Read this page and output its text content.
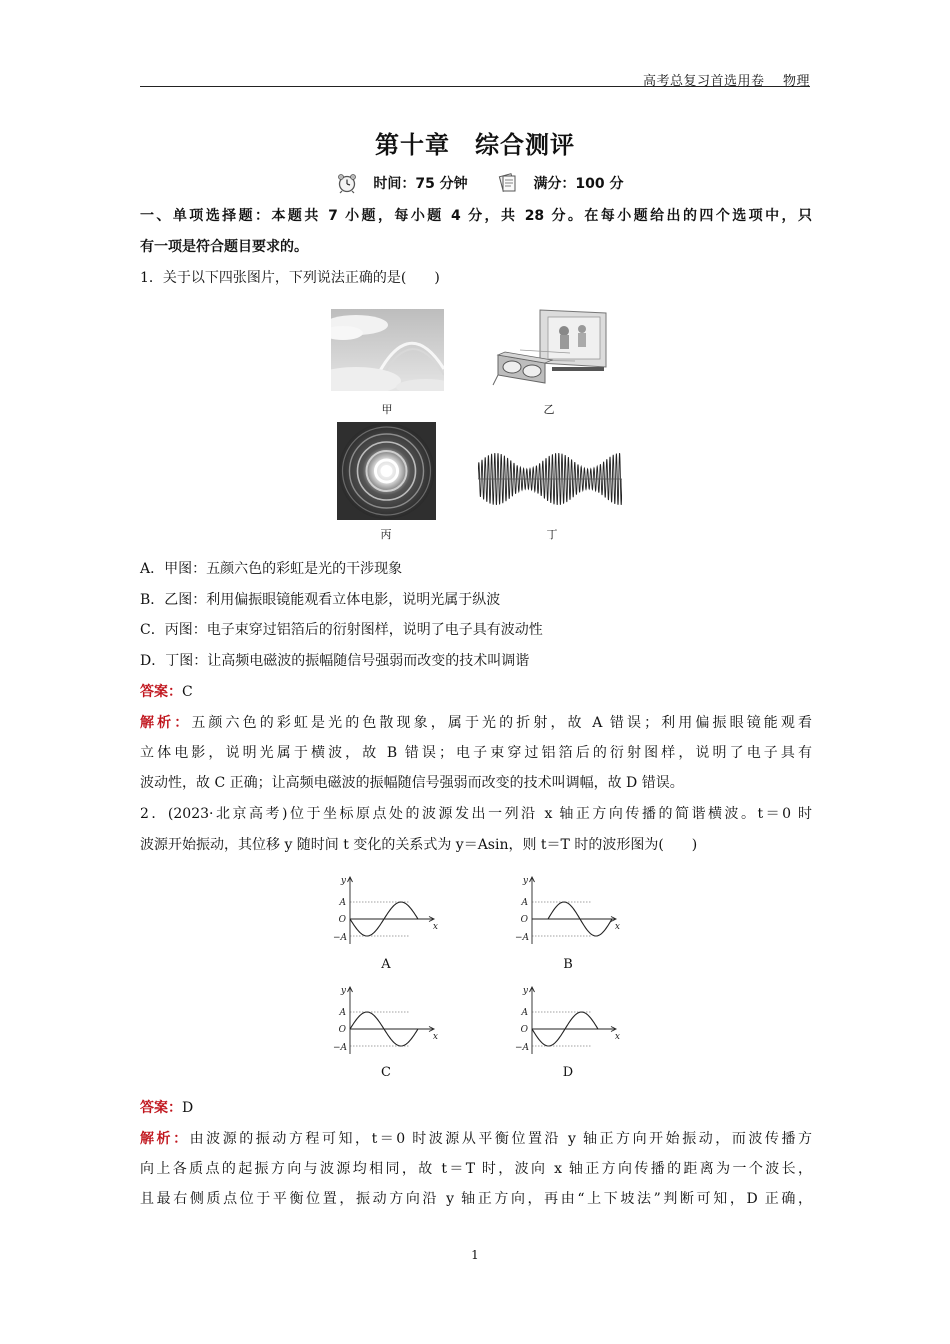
高考总复习首选用卷 物理
第十章　综合测评
时间：75 分钟	满分：100 分
一、单项选择题：本题共 7 小题，每小题 4 分，共 28 分。在每小题给出的四个选项中，只
有一项是符合题目要求的。
1．关于以下四张图片，下列说法正确的是(　　)
甲	乙
丙	丁
A．甲图：五颜六色的彩虹是光的干涉现象
B．乙图：利用偏振眼镜能观看立体电影，说明光属于纵波
C．丙图：电子束穿过铝箔后的衍射图样，说明了电子具有波动性
D．丁图：让高频电磁波的振幅随信号强弱而改变的技术叫调谐
答案：C
解析：五颜六色的彩虹是光的色散现象，属于光的折射，故 A 错误；利用偏振眼镜能观看
立体电影，说明光属于横波，故 B 错误；电子束穿过铝箔后的衍射图样，说明了电子具有
波动性，故 C 正确；让高频电磁波的振幅随信号强弱而改变的技术叫调幅，故 D 错误。
2．(2023·北京高考)位于坐标原点处的波源发出一列沿 x 轴正方向传播的简谐横波。t＝0 时
波源开始振动，其位移 y 随时间 t 变化的关系式为 y＝Asin，则 t＝T 时的波形图为(　　)
y
A
O
−A
x
A
y
A
O
−A
x
B
y
A
O
−A
x
C
y
A
O
−A
x
D
答案：D
解析：由波源的振动方程可知，t＝0 时波源从平衡位置沿 y 轴正方向开始振动，而波传播方
向上各质点的起振方向与波源均相同，故 t＝T 时，波向 x 轴正方向传播的距离为一个波长，
且最右侧质点位于平衡位置，振动方向沿 y 轴正方向，再由“上下坡法”判断可知，D 正确，
1
